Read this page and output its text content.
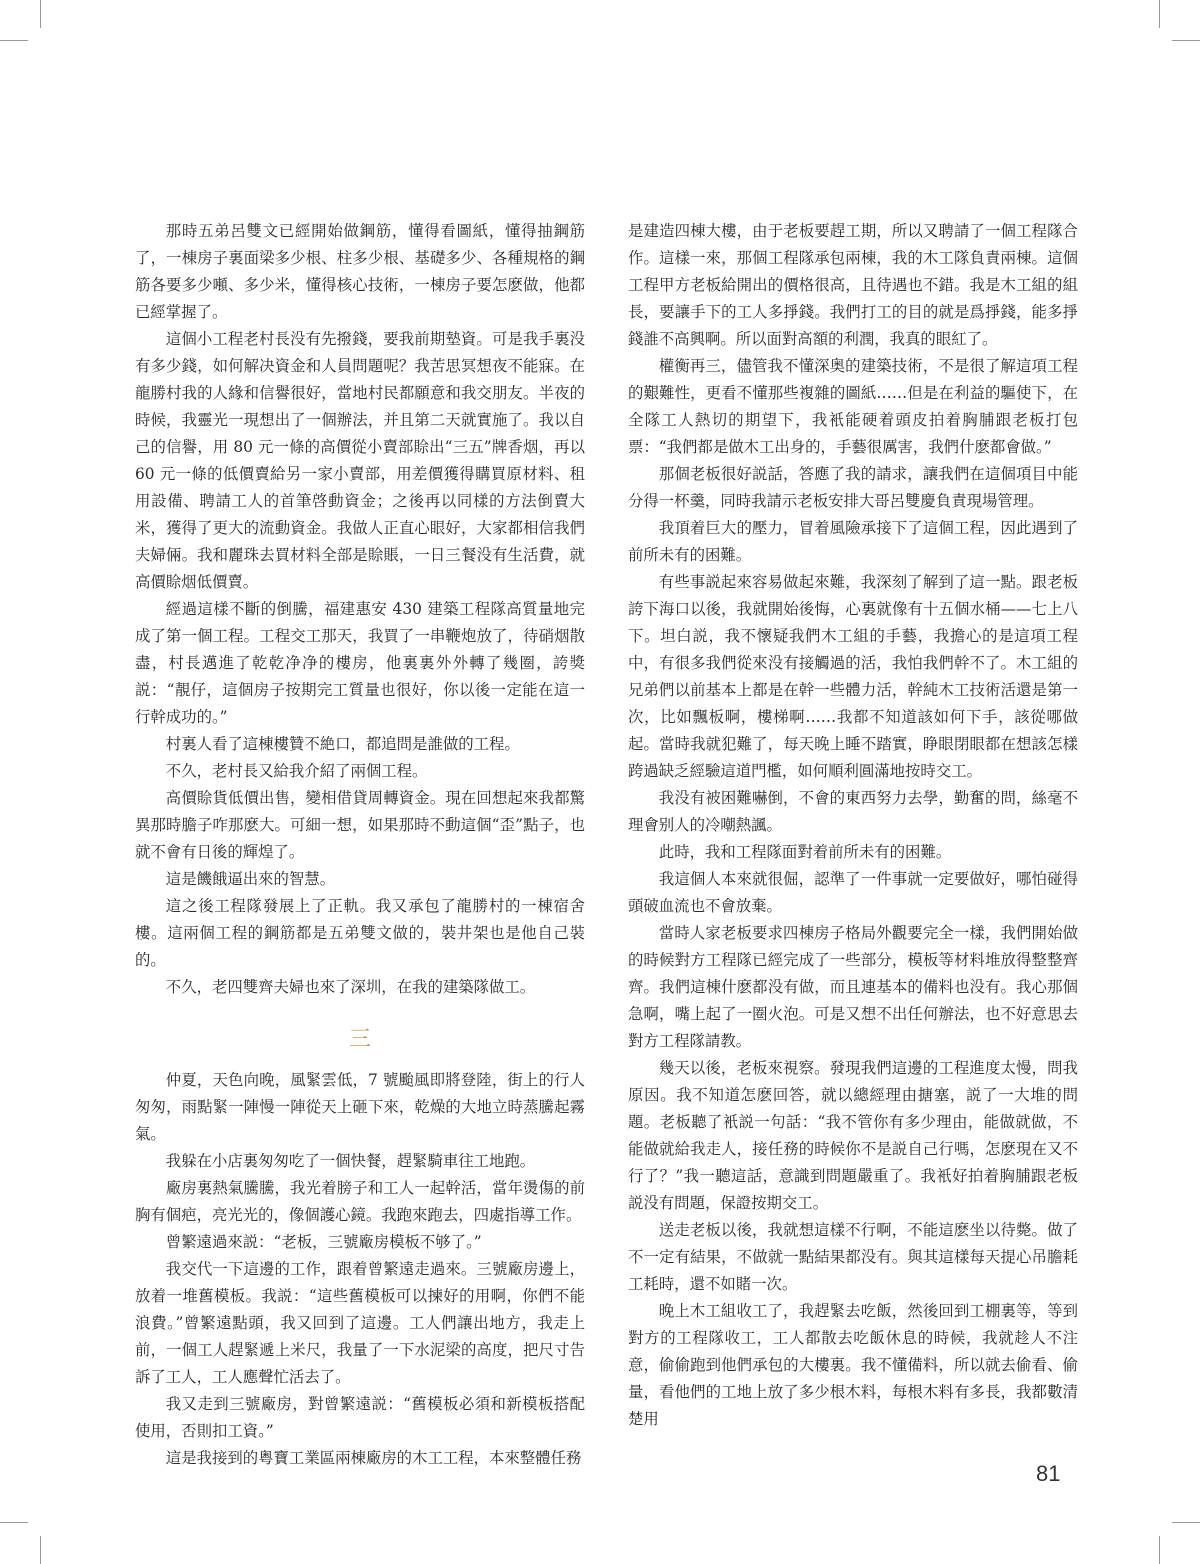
那時五弟呂雙文已經開始做鋼筋，懂得看圖紙，懂得抽鋼筋了，一棟房子裏面梁多少根、柱多少根、基礎多少、各種規格的鋼筋各要多少噸、多少米，懂得核心技術，一棟房子要怎麽做，他都已經掌握了。

這個小工程老村長没有先撥錢，要我前期墊資。可是我手裏没有多少錢，如何解决資金和人員問題呢？我苦思冥想夜不能寐。在龍勝村我的人緣和信譽很好，當地村民都願意和我交朋友。半夜的時候，我靈光一現想出了一個辦法，并且第二天就實施了。我以自己的信譽，用 80 元一條的高價從小賣部賒出“三五”牌香烟，再以 60 元一條的低價賣給另一家小賣部，用差價獲得購買原材料、租用設備、聘請工人的首筆啓動資金；之後再以同樣的方法倒賣大米，獲得了更大的流動資金。我做人正直心眼好，大家都相信我們夫婦倆。我和麗珠去買材料全部是賒賬，一日三餐没有生活費，就高價賒烟低價賣。

經過這樣不斷的倒騰，福建惠安 430 建築工程隊高質量地完成了第一個工程。工程交工那天，我買了一串鞭炮放了，待硝烟散盡，村長邁進了乾乾净净的樓房，他裏裏外外轉了幾圈，誇獎説：“靚仔，這個房子按期完工質量也很好，你以後一定能在這一行幹成功的。”

村裏人看了這棟樓贊不絶口，都追問是誰做的工程。

不久，老村長又給我介紹了兩個工程。

高價賒貨低價出售，變相借貸周轉資金。現在回想起來我都驚異那時膽子咋那麽大。可細一想，如果那時不動這個“歪”點子，也就不會有日後的輝煌了。

這是饑餓逼出來的智慧。

這之後工程隊發展上了正軌。我又承包了龍勝村的一棟宿舍樓。這兩個工程的鋼筋都是五弟雙文做的，裝井架也是他自己裝的。

不久，老四雙齊夫婦也來了深圳，在我的建築隊做工。

三

仲夏，天色向晚，風緊雲低，7 號颱風即將登陸，街上的行人匆匆，雨點緊一陣慢一陣從天上砸下來，乾燥的大地立時蒸騰起霧氣。

我躲在小店裏匆匆吃了一個快餐，趕緊騎車往工地跑。

廠房裏熱氣騰騰，我光着膀子和工人一起幹活，當年燙傷的前胸有個疤，亮光光的，像個護心鏡。我跑來跑去，四處指導工作。

曾繁遠過來説：“老板，三號廠房模板不够了。”

我交代一下這邊的工作，跟着曾繁遠走過來。三號廠房邊上，放着一堆舊模板。我説：“這些舊模板可以揀好的用啊，你們不能浪費。”曾繁遠點頭，我又回到了這邊。工人們讓出地方，我走上前，一個工人趕緊遞上米尺，我量了一下水泥梁的高度，把尺寸告訴了工人，工人應聲忙活去了。

我又走到三號廠房，對曾繁遠説：“舊模板必須和新模板搭配使用，否則扣工資。”

這是我接到的粤寶工業區兩棟廠房的木工工程，本來整體任務

是建造四棟大樓，由于老板要趕工期，所以又聘請了一個工程隊合作。這樣一來，那個工程隊承包兩棟，我的木工隊負責兩棟。這個工程甲方老板給開出的價格很高，且待遇也不錯。我是木工組的組長，要讓手下的工人多掙錢。我們打工的目的就是爲掙錢，能多掙錢誰不高興啊。所以面對高額的利潤，我真的眼紅了。

權衡再三，儘管我不懂深奥的建築技術，不是很了解這項工程的艱難性，更看不懂那些複雜的圖紙……但是在利益的驅使下，在全隊工人熱切的期望下，我衹能硬着頭皮拍着胸脯跟老板打包票：“我們都是做木工出身的，手藝很厲害，我們什麽都會做。”

那個老板很好説話，答應了我的請求，讓我們在這個項目中能分得一杯羹，同時我請示老板安排大哥呂雙慶負責現場管理。

我頂着巨大的壓力，冒着風險承接下了這個工程，因此遇到了前所未有的困難。

有些事説起來容易做起來難，我深刻了解到了這一點。跟老板誇下海口以後，我就開始後悔，心裏就像有十五個水桶——七上八下。坦白説，我不懷疑我們木工組的手藝，我擔心的是這項工程中，有很多我們從來没有接觸過的活，我怕我們幹不了。木工組的兄弟們以前基本上都是在幹一些體力活，幹純木工技術活還是第一次，比如飄板啊，樓梯啊……我都不知道該如何下手，該從哪做起。當時我就犯難了，每天晚上睡不踏實，睁眼閉眼都在想該怎樣跨過缺乏經驗這道門檻，如何順利圓滿地按時交工。

我没有被困難嚇倒，不會的東西努力去學，勤奮的問，絲毫不理會别人的冷嘲熱諷。

此時，我和工程隊面對着前所未有的困難。

我這個人本來就很倔，認準了一件事就一定要做好，哪怕碰得頭破血流也不會放棄。

當時人家老板要求四棟房子格局外觀要完全一樣，我們開始做的時候對方工程隊已經完成了一些部分，模板等材料堆放得整整齊齊。我們這棟什麽都没有做，而且連基本的備料也没有。我心那個急啊，嘴上起了一圈火泡。可是又想不出任何辦法，也不好意思去對方工程隊請教。

幾天以後，老板來視察。發現我們這邊的工程進度太慢，問我原因。我不知道怎麽回答，就以總經理由搪塞，説了一大堆的問題。老板聽了衹説一句話：“我不管你有多少理由，能做就做，不能做就給我走人，接任務的時候你不是説自己行嗎，怎麽現在又不行了？”我一聽這話，意識到問題嚴重了。我衹好拍着胸脯跟老板説没有問題，保證按期交工。

送走老板以後，我就想這樣不行啊，不能這麽坐以待斃。做了不一定有結果，不做就一點結果都没有。與其這樣每天提心吊膽耗工耗時，還不如賭一次。

晚上木工組收工了，我趕緊去吃飯，然後回到工棚裏等，等到對方的工程隊收工，工人都散去吃飯休息的時候，我就趁人不注意，偷偷跑到他們承包的大樓裏。我不懂備料，所以就去偷看、偷量，看他們的工地上放了多少根木料，每根木料有多長，我都數清楚用

81
